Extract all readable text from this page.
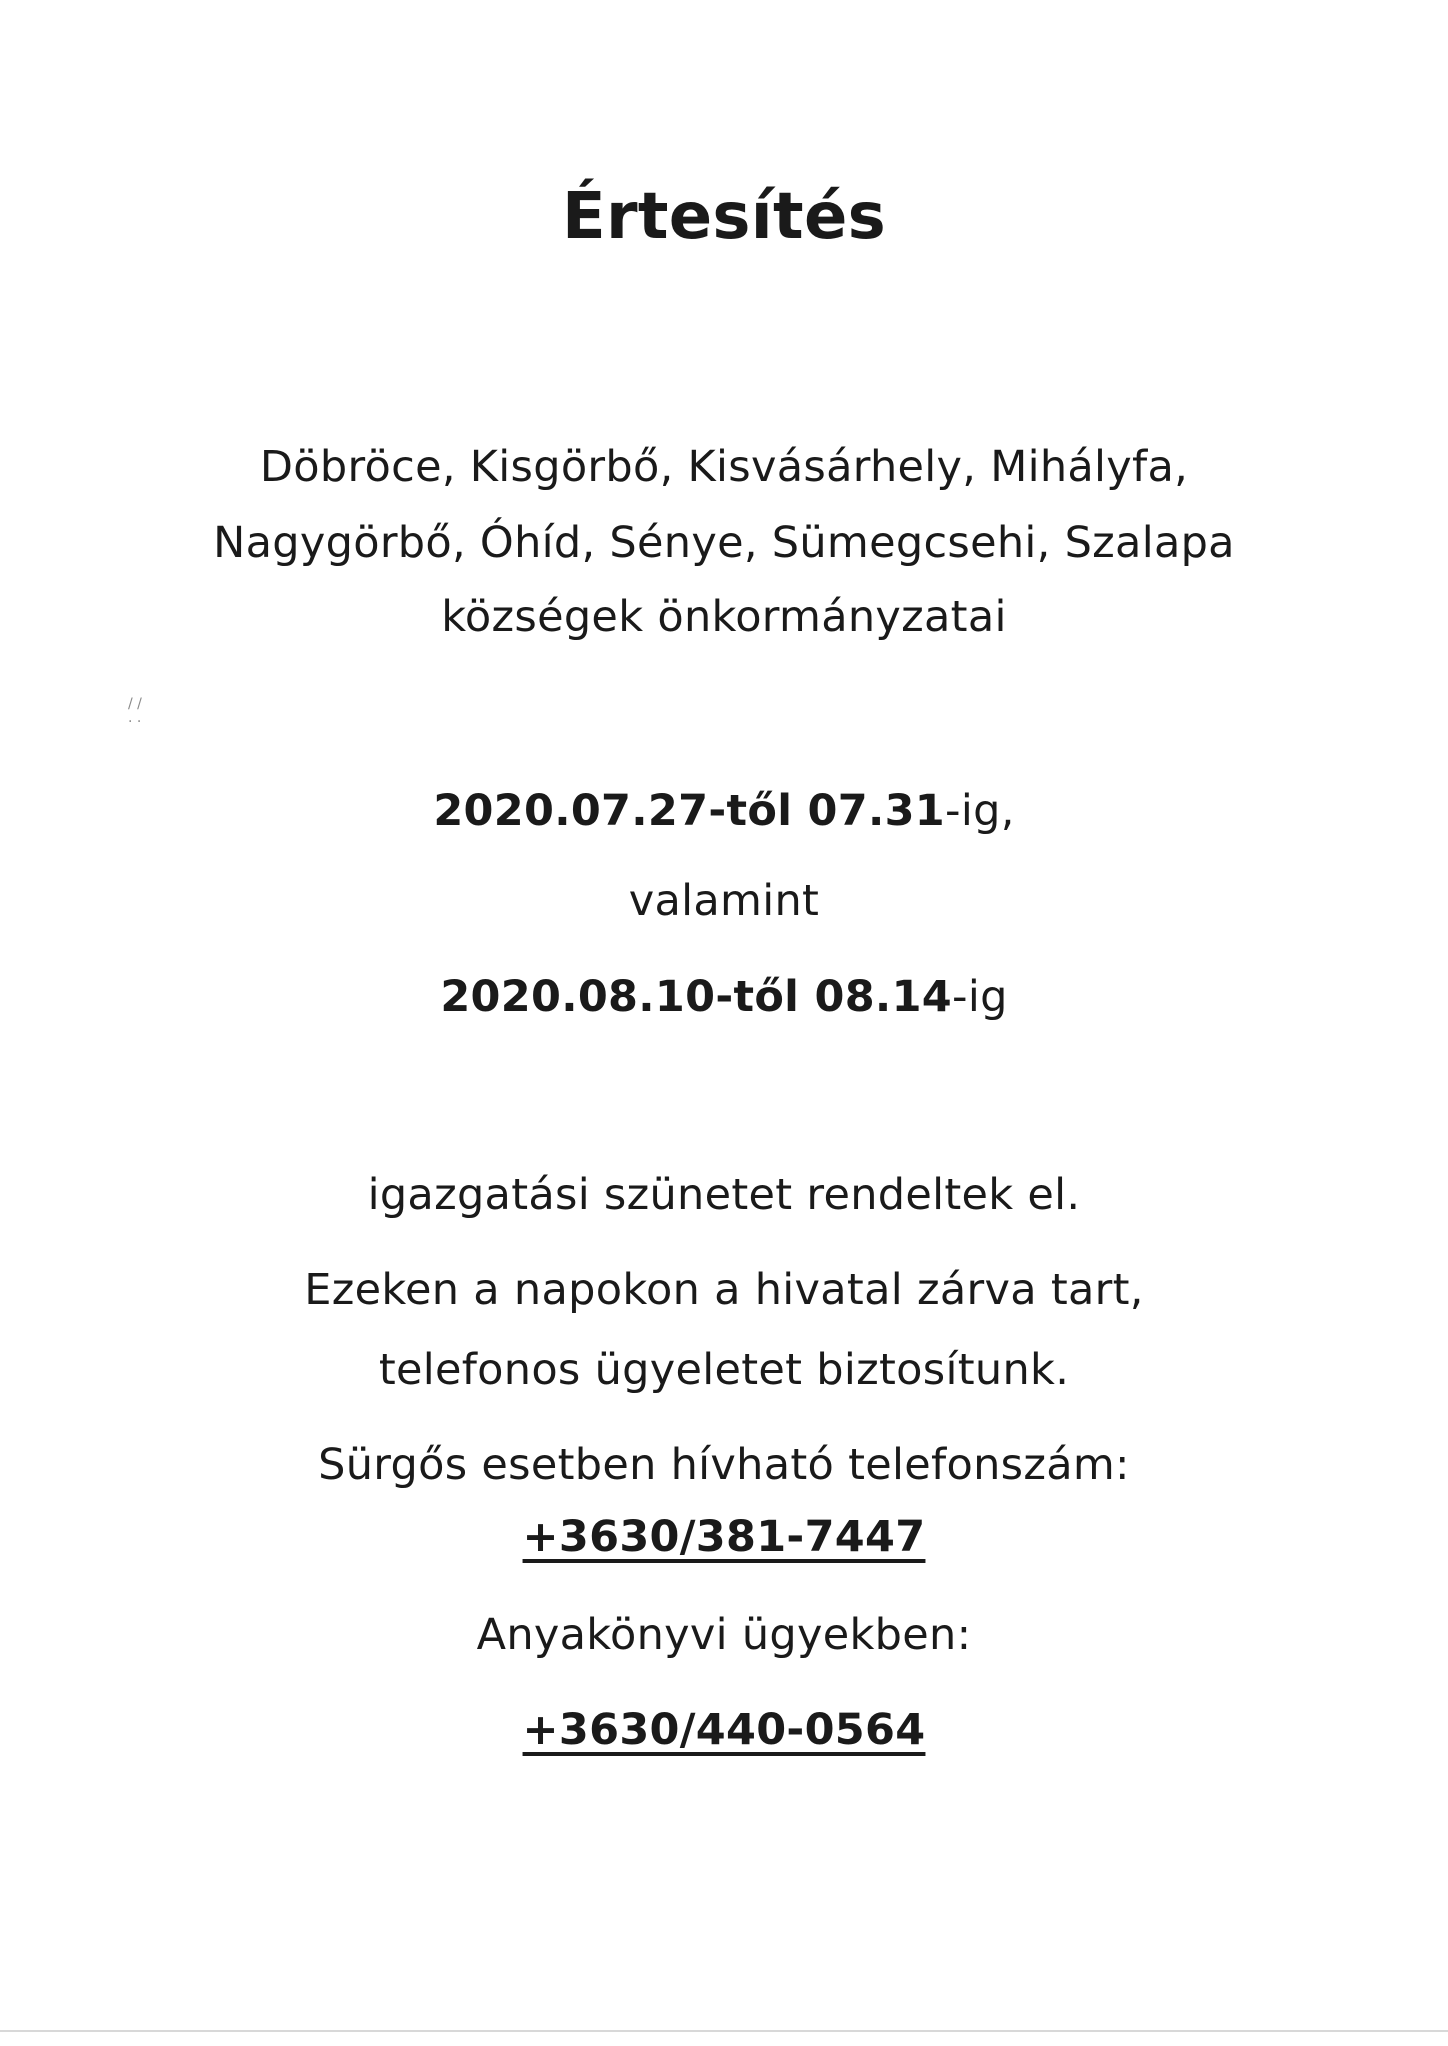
Értesítés
Döbröce, Kisgörbő, Kisvásárhely, Mihályfa,
Nagygörbő, Óhíd, Sénye, Sümegcsehi, Szalapa
községek önkormányzatai
/ /
· ·
2020.07.27-től 07.31-ig,
valamint
2020.08.10-től 08.14-ig
igazgatási szünetet rendeltek el.
Ezeken a napokon a hivatal zárva tart,
telefonos ügyeletet biztosítunk.
Sürgős esetben hívható telefonszám:
+3630/381-7447
Anyakönyvi ügyekben:
+3630/440-0564
